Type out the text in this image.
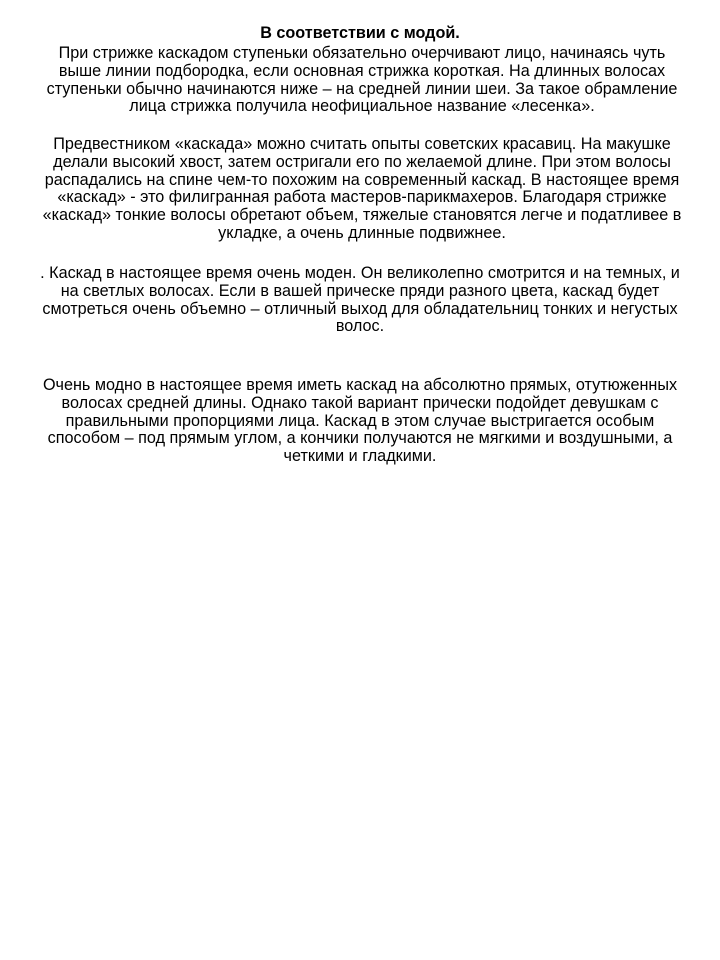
В соответствии с модой.

При стрижке каскадом ступеньки обязательно очерчивают лицо, начинаясь чуть выше линии подбородка, если основная стрижка короткая. На длинных волосах ступеньки обычно начинаются ниже – на средней линии шеи. За такое обрамление лица стрижка получила неофициальное название «лесенка».

Предвестником «каскада» можно считать опыты советских красавиц. На макушке делали высокий хвост, затем остригали его по желаемой длине. При этом волосы распадались на спине чем-то похожим на современный каскад. В настоящее время «каскад» - это филигранная работа мастеров-парикмахеров. Благодаря стрижке «каскад» тонкие волосы обретают объем, тяжелые становятся легче и податливее в укладке, а очень длинные подвижнее.

. Каскад в настоящее время очень моден. Он великолепно смотрится и на темных, и на светлых волосах. Если в вашей прическе пряди разного цвета, каскад будет смотреться очень объемно – отличный выход для обладательниц тонких и негустых волос.

Очень модно в настоящее время иметь каскад на абсолютно прямых, отутюженных волосах средней длины. Однако такой вариант прически подойдет девушкам с правильными пропорциями лица. Каскад в этом случае выстригается особым способом – под прямым углом, а кончики получаются не мягкими и воздушными, а четкими и гладкими.
